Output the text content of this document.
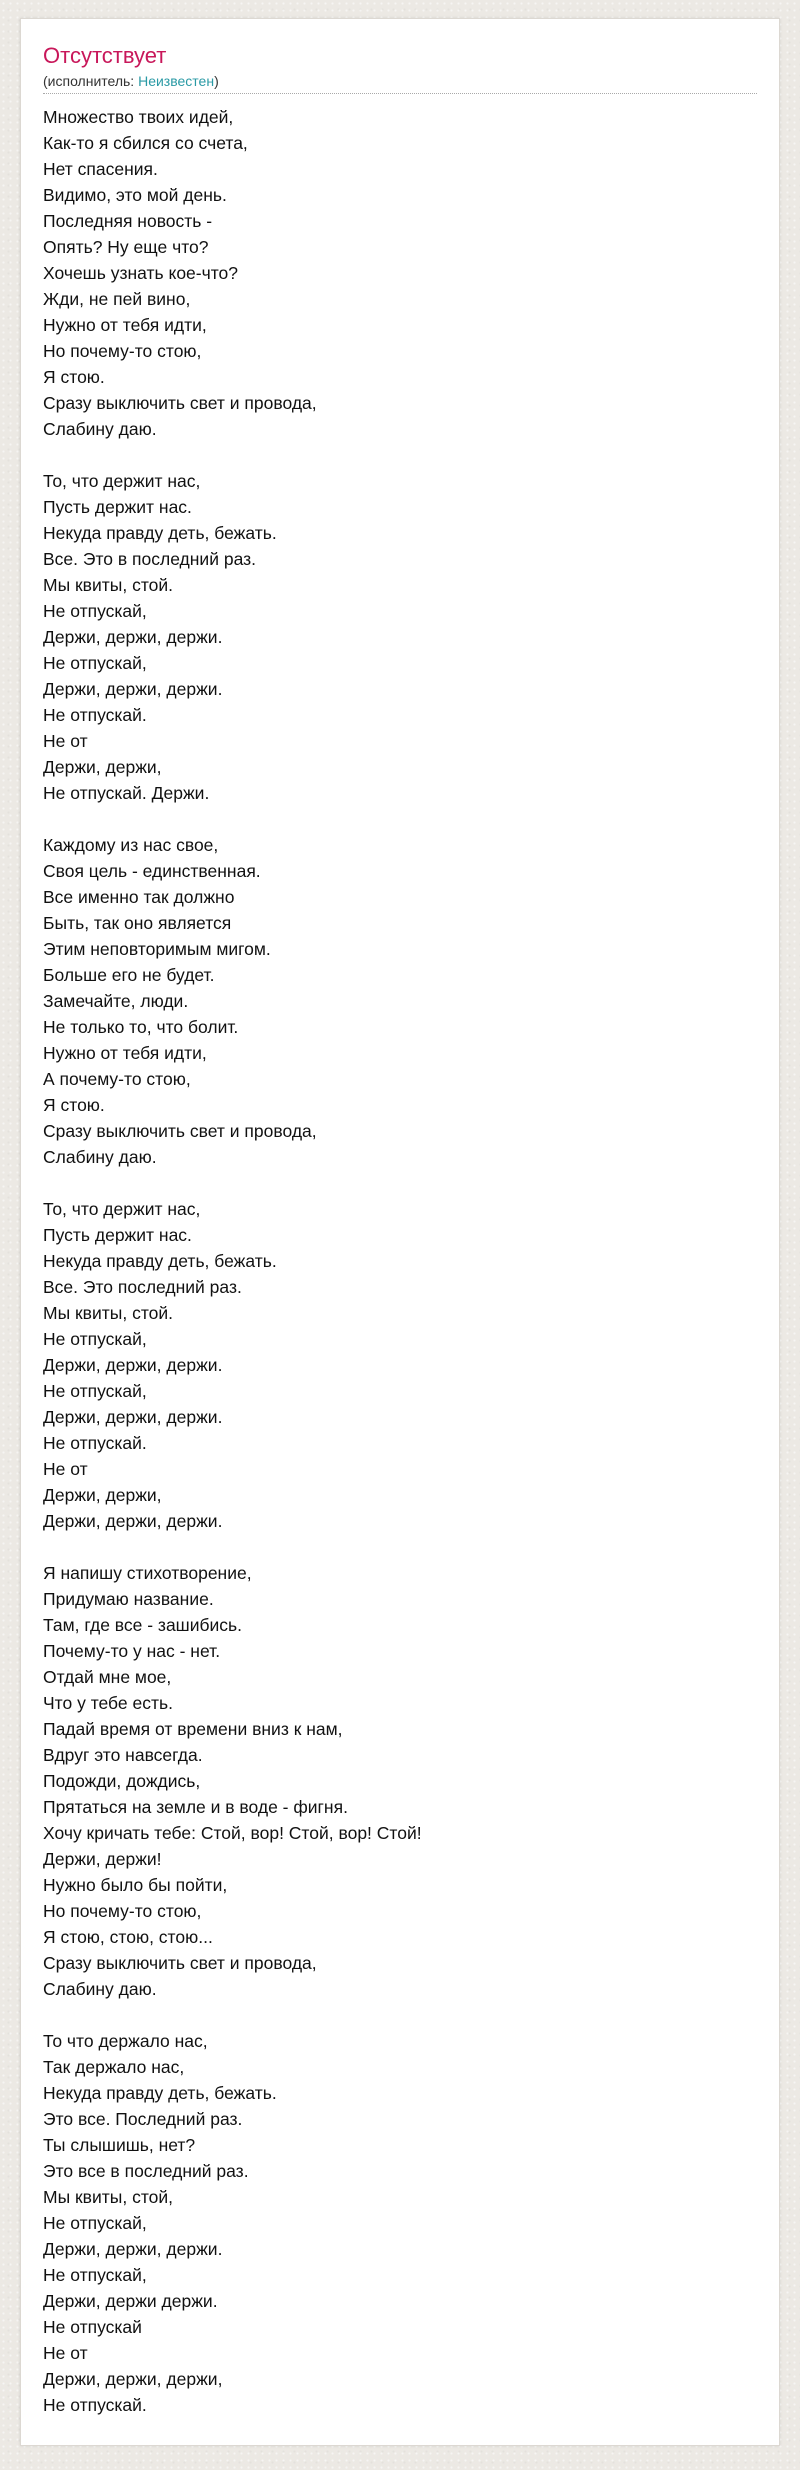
Отсутствует
(исполнитель: Неизвестен)
Множество твоих идей,
Как-то я сбился со счета,
Нет спасения.
Видимо, это мой день.
Последняя новость -
Опять? Ну еще что?
Хочешь узнать кое-что?
Жди, не пей вино,
Нужно от тебя идти,
Но почему-то стою,
Я стою.
Сразу выключить свет и провода,
Слабину даю.
То, что держит нас,
Пусть держит нас.
Некуда правду деть, бежать.
Все. Это в последний раз.
Мы квиты, стой.
Не отпускай,
Держи, держи, держи.
Не отпускай,
Держи, держи, держи.
Не отпускай.
Не от
Держи, держи,
Не отпускай. Держи.
Каждому из нас свое,
Своя цель - единственная.
Все именно так должно
Быть, так оно является
Этим неповторимым мигом.
Больше его не будет.
Замечайте, люди.
Не только то, что болит.
Нужно от тебя идти,
А почему-то стою,
Я стою.
Сразу выключить свет и провода,
Слабину даю.
То, что держит нас,
Пусть держит нас.
Некуда правду деть, бежать.
Все. Это последний раз.
Мы квиты, стой.
Не отпускай,
Держи, держи, держи.
Не отпускай,
Держи, держи, держи.
Не отпускай.
Не от
Держи, держи,
Держи, держи, держи.
Я напишу стихотворение,
Придумаю название.
Там, где все - зашибись.
Почему-то у нас - нет.
Отдай мне мое,
Что у тебе есть.
Падай время от времени вниз к нам,
Вдруг это навсегда.
Подожди, дождись,
Прятаться на земле и в воде - фигня.
Хочу кричать тебе: Стой, вор! Стой, вор! Стой!
Держи, держи!
Нужно было бы пойти,
Но почему-то стою,
Я стою, стою, стою...
Сразу выключить свет и провода,
Слабину даю.
То что держало нас,
Так держало нас,
Некуда правду деть, бежать.
Это все. Последний раз.
Ты слышишь, нет?
Это все в последний раз.
Мы квиты, стой,
Не отпускай,
Держи, держи, держи.
Не отпускай,
Держи, держи держи.
Не отпускай
Не от
Держи, держи, держи,
Не отпускай.
